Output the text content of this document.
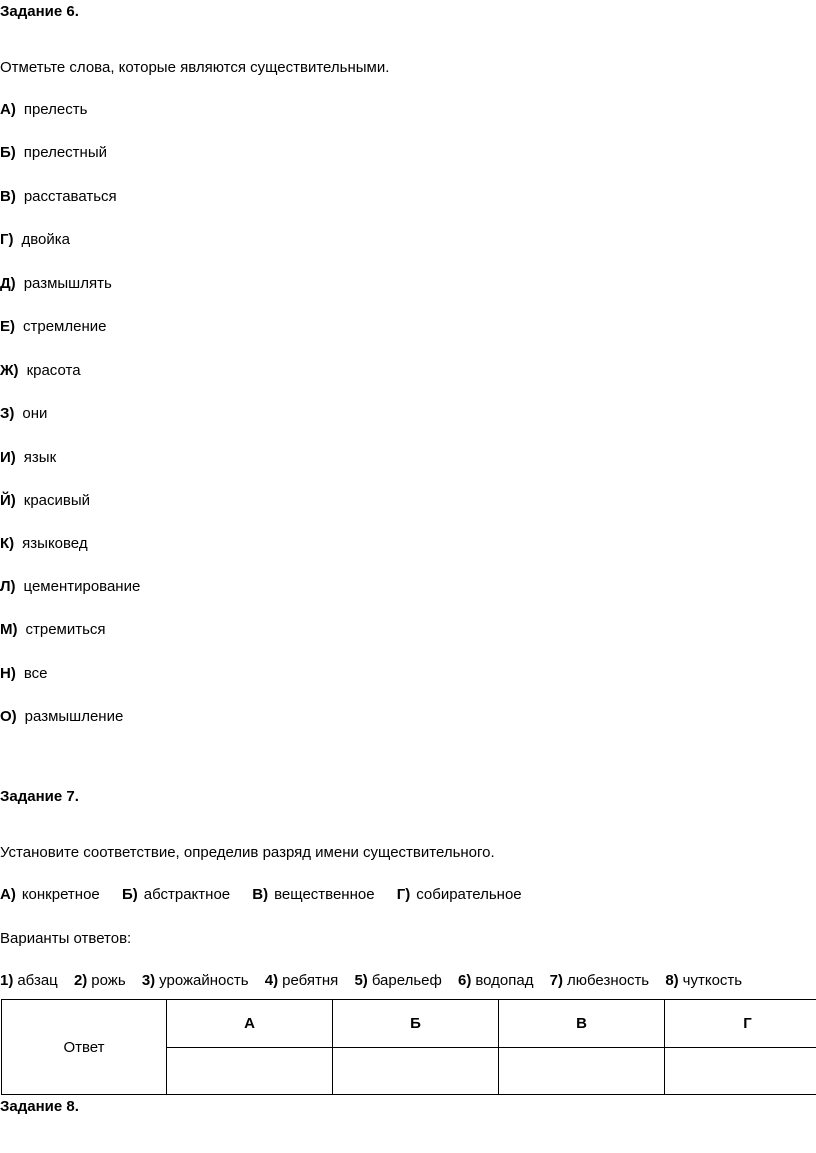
Задание 6.
Отметьте слова, которые являются существительными.
А) прелесть
Б) прелестный
В) расставаться
Г) двойка
Д) размышлять
Е) стремление
Ж) красота
З) они
И) язык
Й) красивый
К) языковед
Л) цементирование
М) стремиться
Н) все
О) размышление
Задание 7.
Установите соответствие, определив разряд имени существительного.
А) конкретное Б) абстрактное В) вещественное Г) собирательное
Варианты ответов:
1) абзац 2) рожь 3) урожайность 4) ребятня 5) барельеф 6) водопад 7) любезность 8) чуткость
Ответ	А	Б	В	Г

Задание 8.
